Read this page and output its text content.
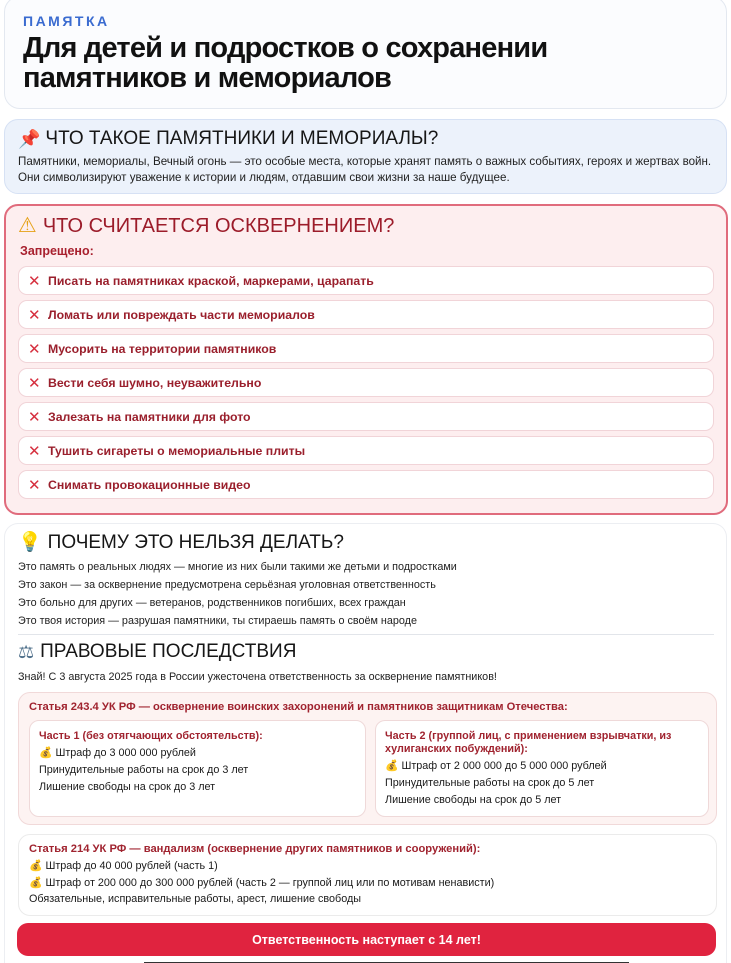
ПАМЯТКА
Для детей и подростков о сохранении памятников и мемориалов
📌 ЧТО ТАКОЕ ПАМЯТНИКИ И МЕМОРИАЛЫ?
Памятники, мемориалы, Вечный огонь — это особые места, которые хранят память о важных событиях, героях и жертвах войн. Они символизируют уважение к истории и людям, отдавшим свои жизни за наше будущее.
⚠ ЧТО СЧИТАЕТСЯ ОСКВЕРНЕНИЕМ?
Запрещено:
✕ Писать на памятниках краской, маркерами, царапать
✕ Ломать или повреждать части мемориалов
✕ Мусорить на территории памятников
✕ Вести себя шумно, неуважительно
✕ Залезать на памятники для фото
✕ Тушить сигареты о мемориальные плиты
✕ Снимать провокационные видео
💡 ПОЧЕМУ ЭТО НЕЛЬЗЯ ДЕЛАТЬ?
Это память о реальных людях — многие из них были такими же детьми и подростками
Это закон — за осквернение предусмотрена серьёзная уголовная ответственность
Это больно для других — ветеранов, родственников погибших, всех граждан
Это твоя история — разрушая памятники, ты стираешь память о своём народе
⚖ ПРАВОВЫЕ ПОСЛЕДСТВИЯ
Знай! С 3 августа 2025 года в России ужесточена ответственность за осквернение памятников!
Статья 243.4 УК РФ — осквернение воинских захоронений и памятников защитникам Отечества:
Часть 1 (без отягчающих обстоятельств):
💰 Штраф до 3 000 000 рублей
Принудительные работы на срок до 3 лет
Лишение свободы на срок до 3 лет
Часть 2 (группой лиц, с применением взрывчатки, из хулиганских побуждений):
💰 Штраф от 2 000 000 до 5 000 000 рублей
Принудительные работы на срок до 5 лет
Лишение свободы на срок до 5 лет
Статья 214 УК РФ — вандализм (осквернение других памятников и сооружений):
💰 Штраф до 40 000 рублей (часть 1)
💰 Штраф от 200 000 до 300 000 рублей (часть 2 — группой лиц или по мотивам ненависти)
Обязательные, исправительные работы, арест, лишение свободы
Ответственность наступает с 14 лет!
